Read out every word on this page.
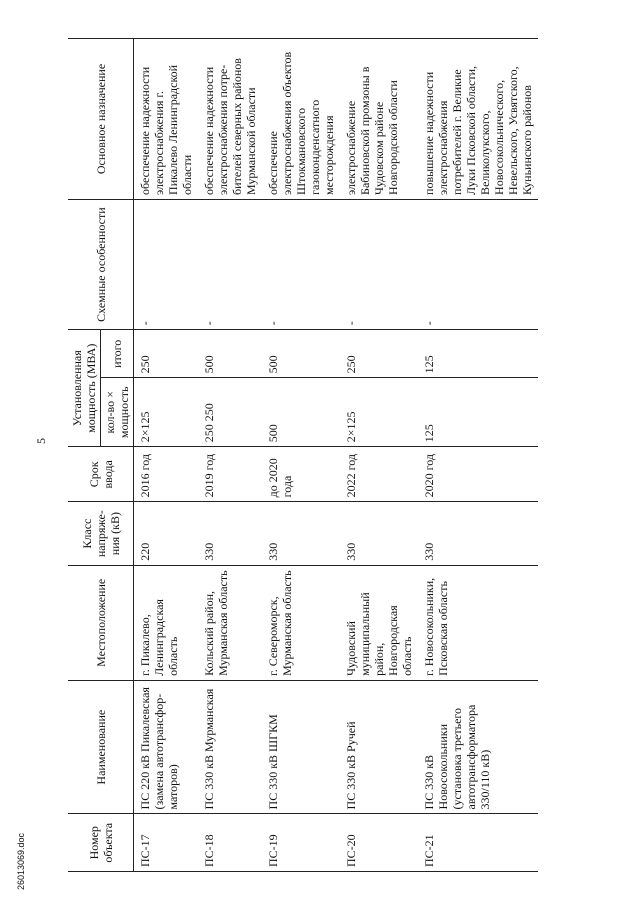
5
26013069.doc	Номер объекта	Наименование	Местоположение	Класс напряже-ния (кВ)	Срок ввода	Установленная мощность (МВА)		Схемные особенности	Основное назначение
					кол-во × мощность	итого		
ПС-17	ПС 220 кВ Пикалевская (замена автотрансфор-маторов)	г. Пикалево, Ленинградская область	220	2016 год	2×125	250	-	обеспечение надежности электроснабжения г. Пикалево Ленинградской области
ПС-18	ПС 330 кВ Мурманская	Кольский район, Мурманская область	330	2019 год	250 250	500	-	обеспечение надежности электроснабжения потре-бителей северных районов Мурманской области
ПС-19	ПС 330 кВ ШГКМ	г. Североморск, Мурманская область	330	до 2020 года	500	500	-	обеспечение электроснабжения объектов Штокмановского газоконденсатного месторождения
ПС-20	ПС 330 кВ Ручей	Чудовский муниципальный район, Новгородская область	330	2022 год	2×125	250	-	электроснабжение Бабиновской промзоны в Чудовском районе Новгородской области
ПС-21	ПС 330 кВ Новосокольники (установка третьего автотрансформатора 330/110 кВ)	г. Новосокольники, Псковская область	330	2020 год	125	125	-	повышение надежности электроснабжения потребителей г. Великие Луки Псковской области, Великолукского, Новосокольнического, Невельского, Усвятского, Куньинского районов
